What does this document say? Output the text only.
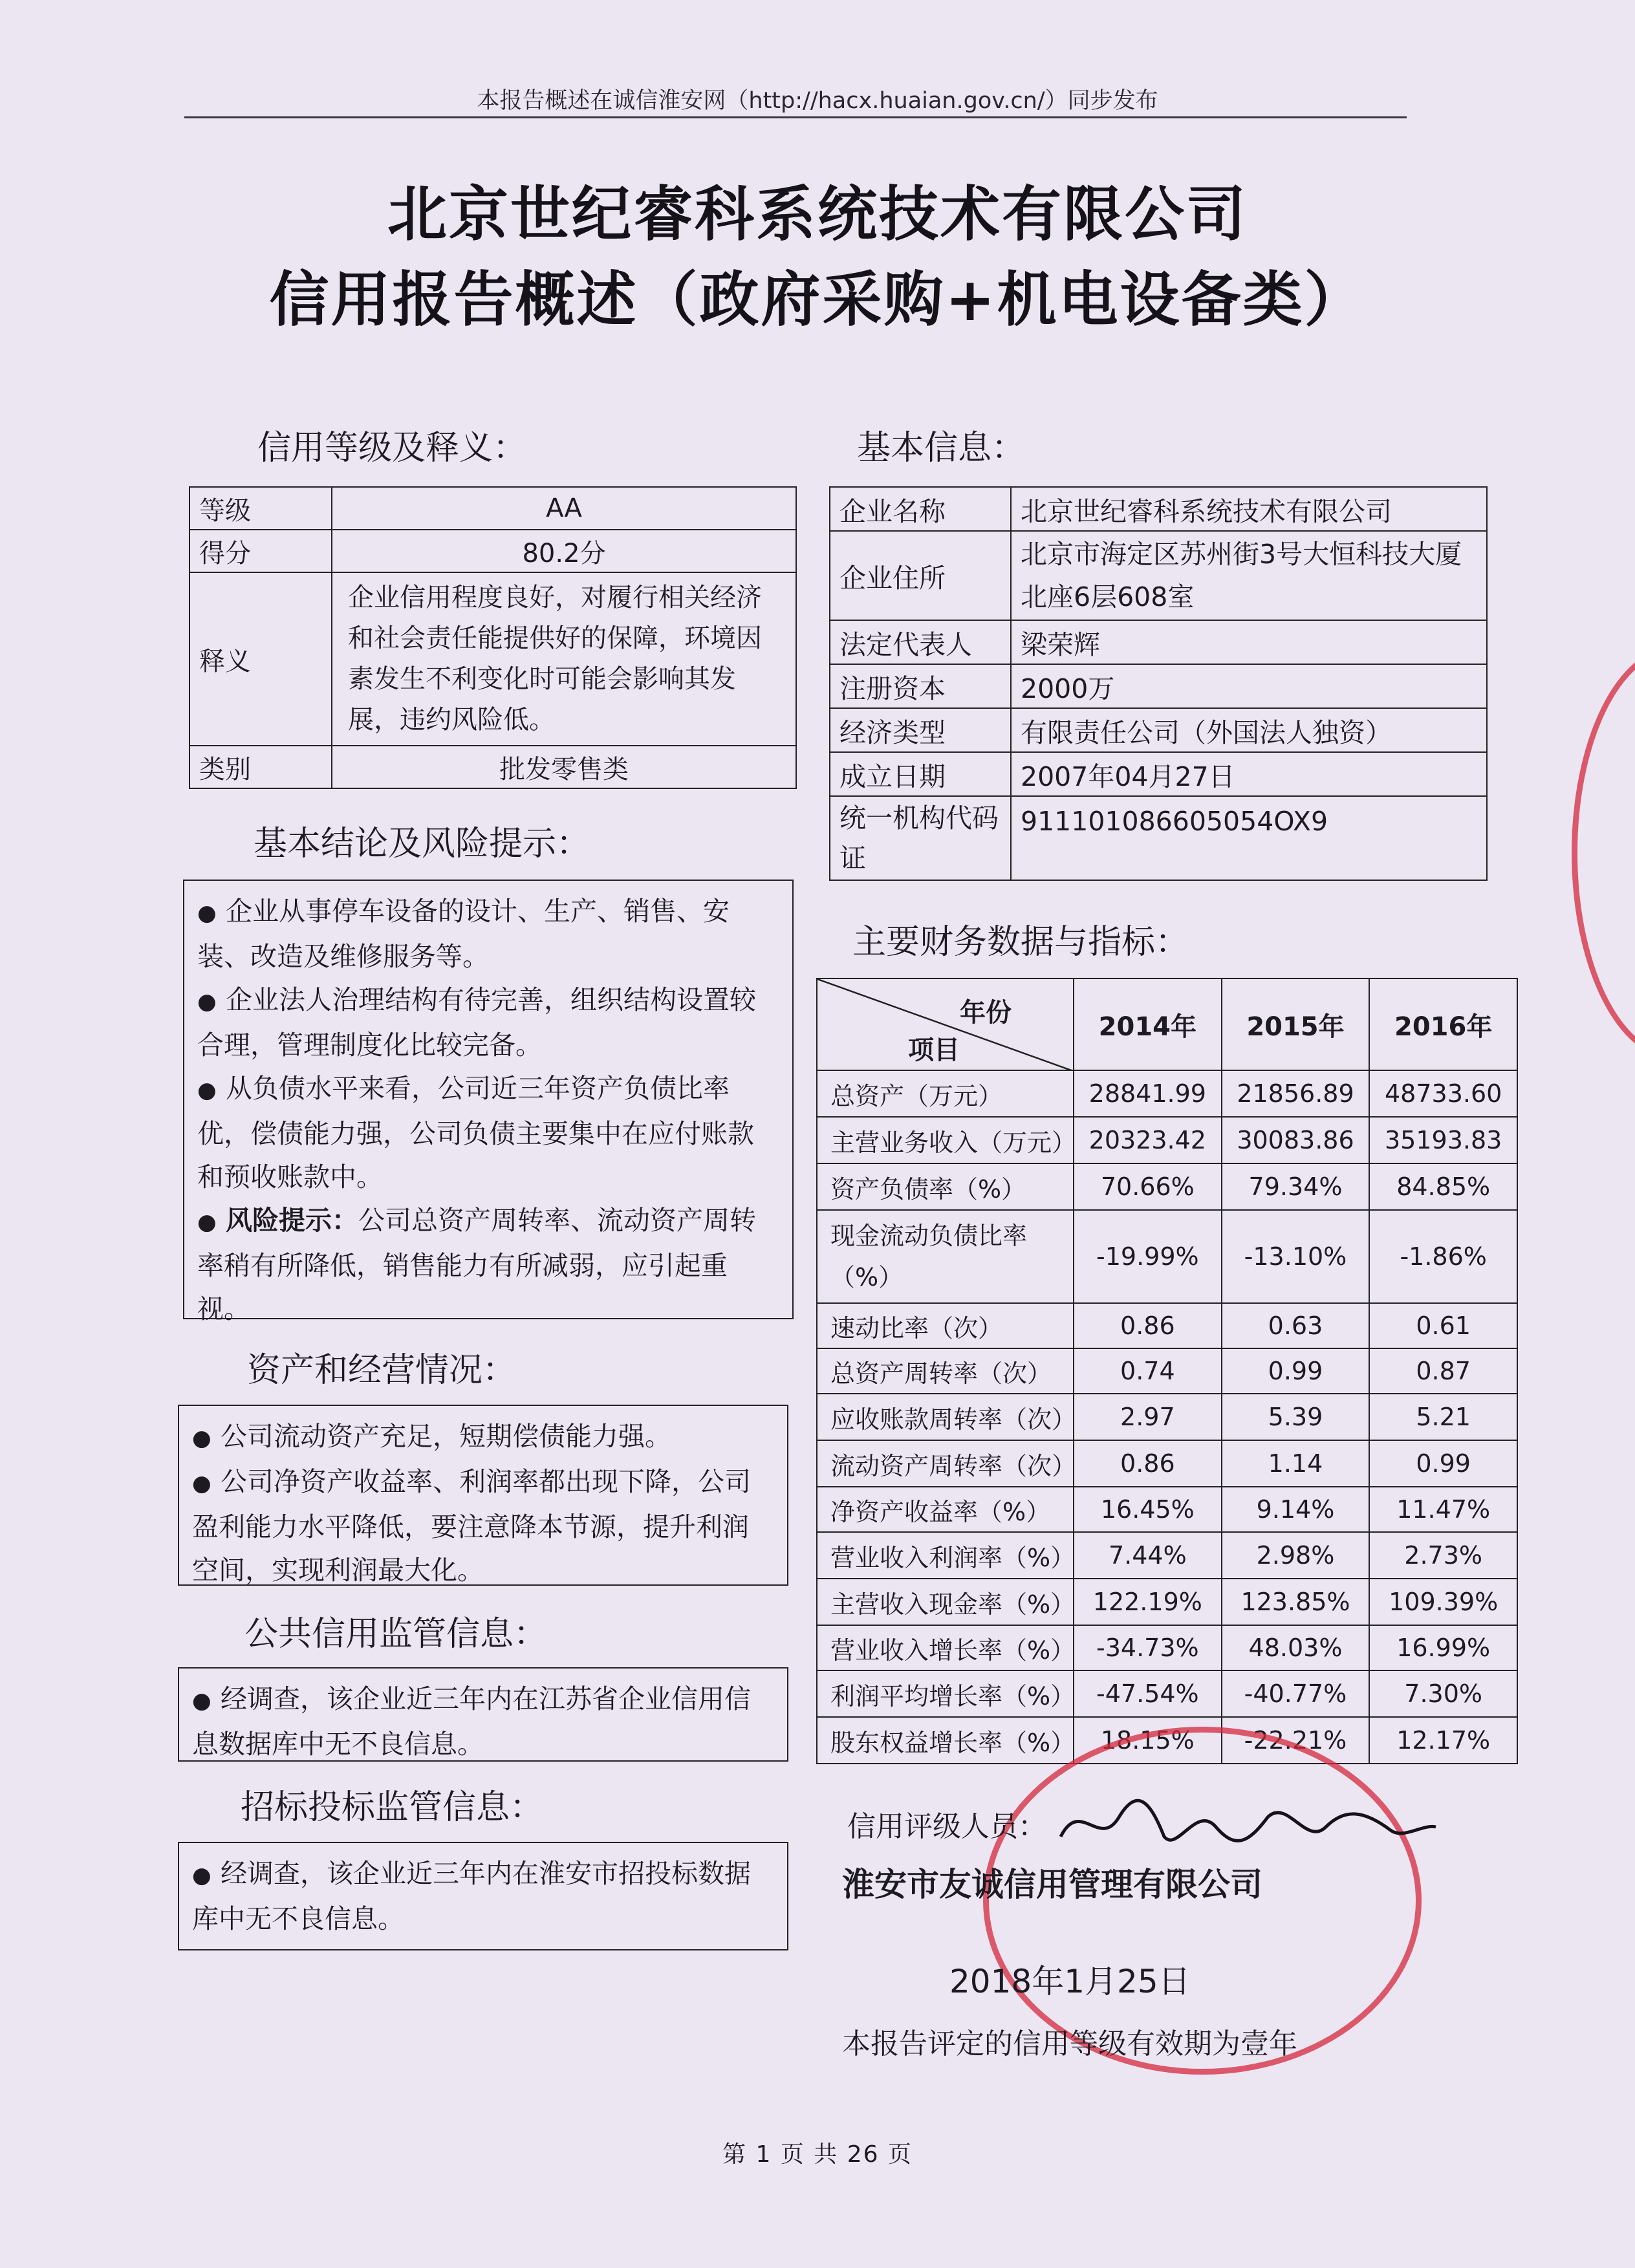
本报告概述在诚信淮安网（http://hacx.huaian.gov.cn/）同步发布
北京世纪睿科系统技术有限公司
信用报告概述（政府采购+机电设备类）
信用等级及释义：
等级	AA
得分	80.2分
释义	企业信用程度良好，对履行相关经济和社会责任能提供好的保障，环境因素发生不利变化时可能会影响其发展，违约风险低。
类别	批发零售类
基本信息：
企业名称	北京世纪睿科系统技术有限公司
企业住所	北京市海定区苏州街3号大恒科技大厦北座6层608室
法定代表人	梁荣辉
注册资本	2000万
经济类型	有限责任公司（外国法人独资）
成立日期	2007年04月27日
统一机构代码证	911101086605054OX9
基本结论及风险提示：

● 企业从事停车设备的设计、生产、销售、安装、改造及维修服务等。

● 企业法人治理结构有待完善，组织结构设置较合理，管理制度化比较完备。

● 从负债水平来看，公司近三年资产负债比率优，偿债能力强，公司负债主要集中在应付账款和预收账款中。

● 风险提示：公司总资产周转率、流动资产周转率稍有所降低，销售能力有所减弱，应引起重视。

资产和经营情况：

● 公司流动资产充足，短期偿债能力强。

● 公司净资产收益率、利润率都出现下降，公司盈利能力水平降低，要注意降本节源，提升利润空间，实现利润最大化。

公共信用监管信息：

● 经调查，该企业近三年内在江苏省企业信用信息数据库中无不良信息。

招标投标监管信息：

● 经调查，该企业近三年内在淮安市招投标数据库中无不良信息。

主要财务数据与指标：
年份
项目	2014年	2015年	2016年
总资产（万元）	28841.99	21856.89	48733.60
主营业务收入（万元）	20323.42	30083.86	35193.83
资产负债率（%）	70.66%	79.34%	84.85%
现金流动负债比率（%）	-19.99%	-13.10%	-1.86%
速动比率（次）	0.86	0.63	0.61
总资产周转率（次）	0.74	0.99	0.87
应收账款周转率（次）	2.97	5.39	5.21
流动资产周转率（次）	0.86	1.14	0.99
净资产收益率（%）	16.45%	9.14%	11.47%
营业收入利润率（%）	7.44%	2.98%	2.73%
主营收入现金率（%）	122.19%	123.85%	109.39%
营业收入增长率（%）	-34.73%	48.03%	16.99%
利润平均增长率（%）	-47.54%	-40.77%	7.30%
股东权益增长率（%）	18.15%	-22.21%	12.17%
信用评级人员：
淮安市友诚信用管理有限公司
2018年1月25日
本报告评定的信用等级有效期为壹年
第 1 页 共 26 页
